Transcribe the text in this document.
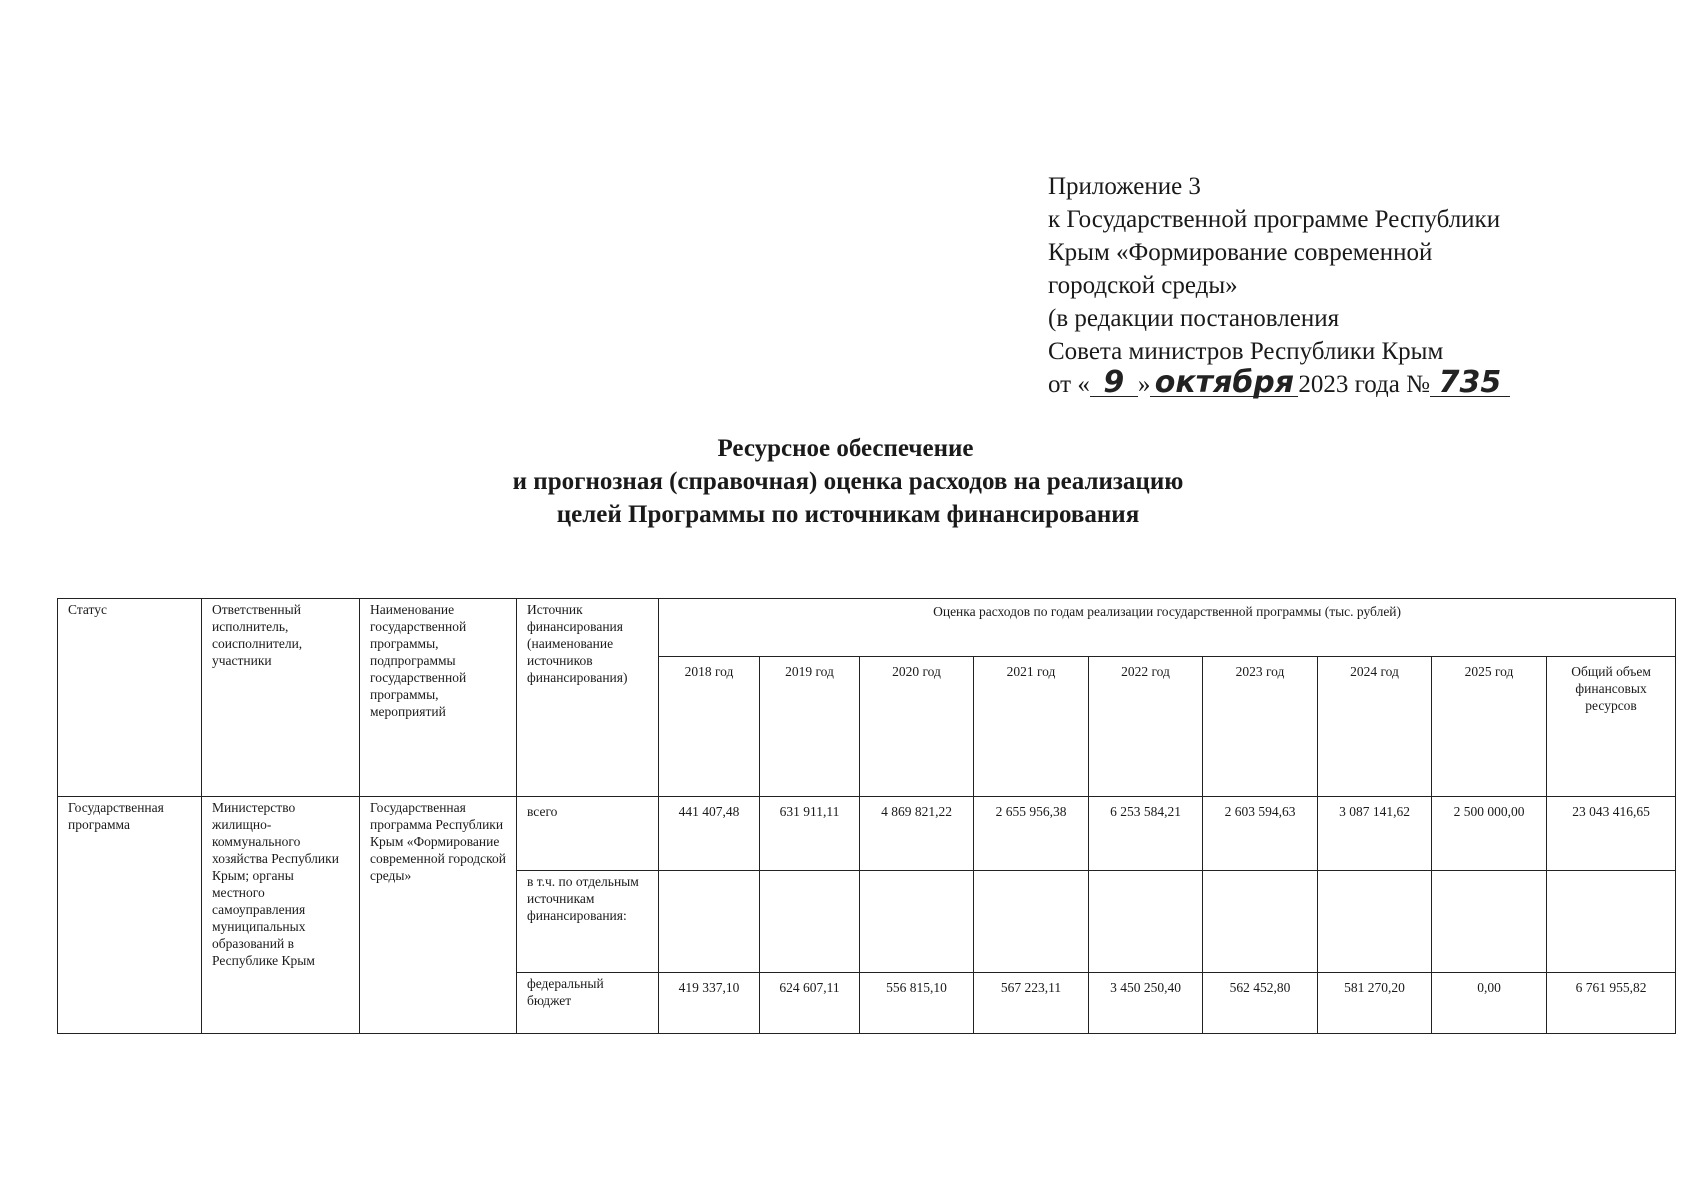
Приложение 3
к Государственной программе Республики
Крым «Формирование современной
городской среды»
(в редакции постановления
Совета министров Республики Крым
от « 9 » октября 2023 года № 735
Ресурсное обеспечение
и прогнозная (справочная) оценка расходов на реализацию
целей Программы по источникам финансирования
Статус	Ответственный исполнитель, соисполнители, участники	Наименование государственной программы, подпрограммы государственной программы, мероприятий	Источник финансирования (наименование источников финансирования)	Оценка расходов по годам реализации государственной программы (тыс. рублей)								
				2018 год	2019 год	2020 год	2021 год	2022 год	2023 год	2024 год	2025 год	Общий объем финансовых ресурсов
Государственная программа	Министерство жилищно-коммунального хозяйства Республики Крым; органы местного самоуправления муниципальных образований в Республике Крым	Государственная программа Республики Крым «Формирование современной городской среды»	всего	441 407,48	631 911,11	4 869 821,22	2 655 956,38	6 253 584,21	2 603 594,63	3 087 141,62	2 500 000,00	23 043 416,65
			в т.ч. по отдельным источникам финансирования:									
			федеральный бюджет	419 337,10	624 607,11	556 815,10	567 223,11	3 450 250,40	562 452,80	581 270,20	0,00	6 761 955,82
